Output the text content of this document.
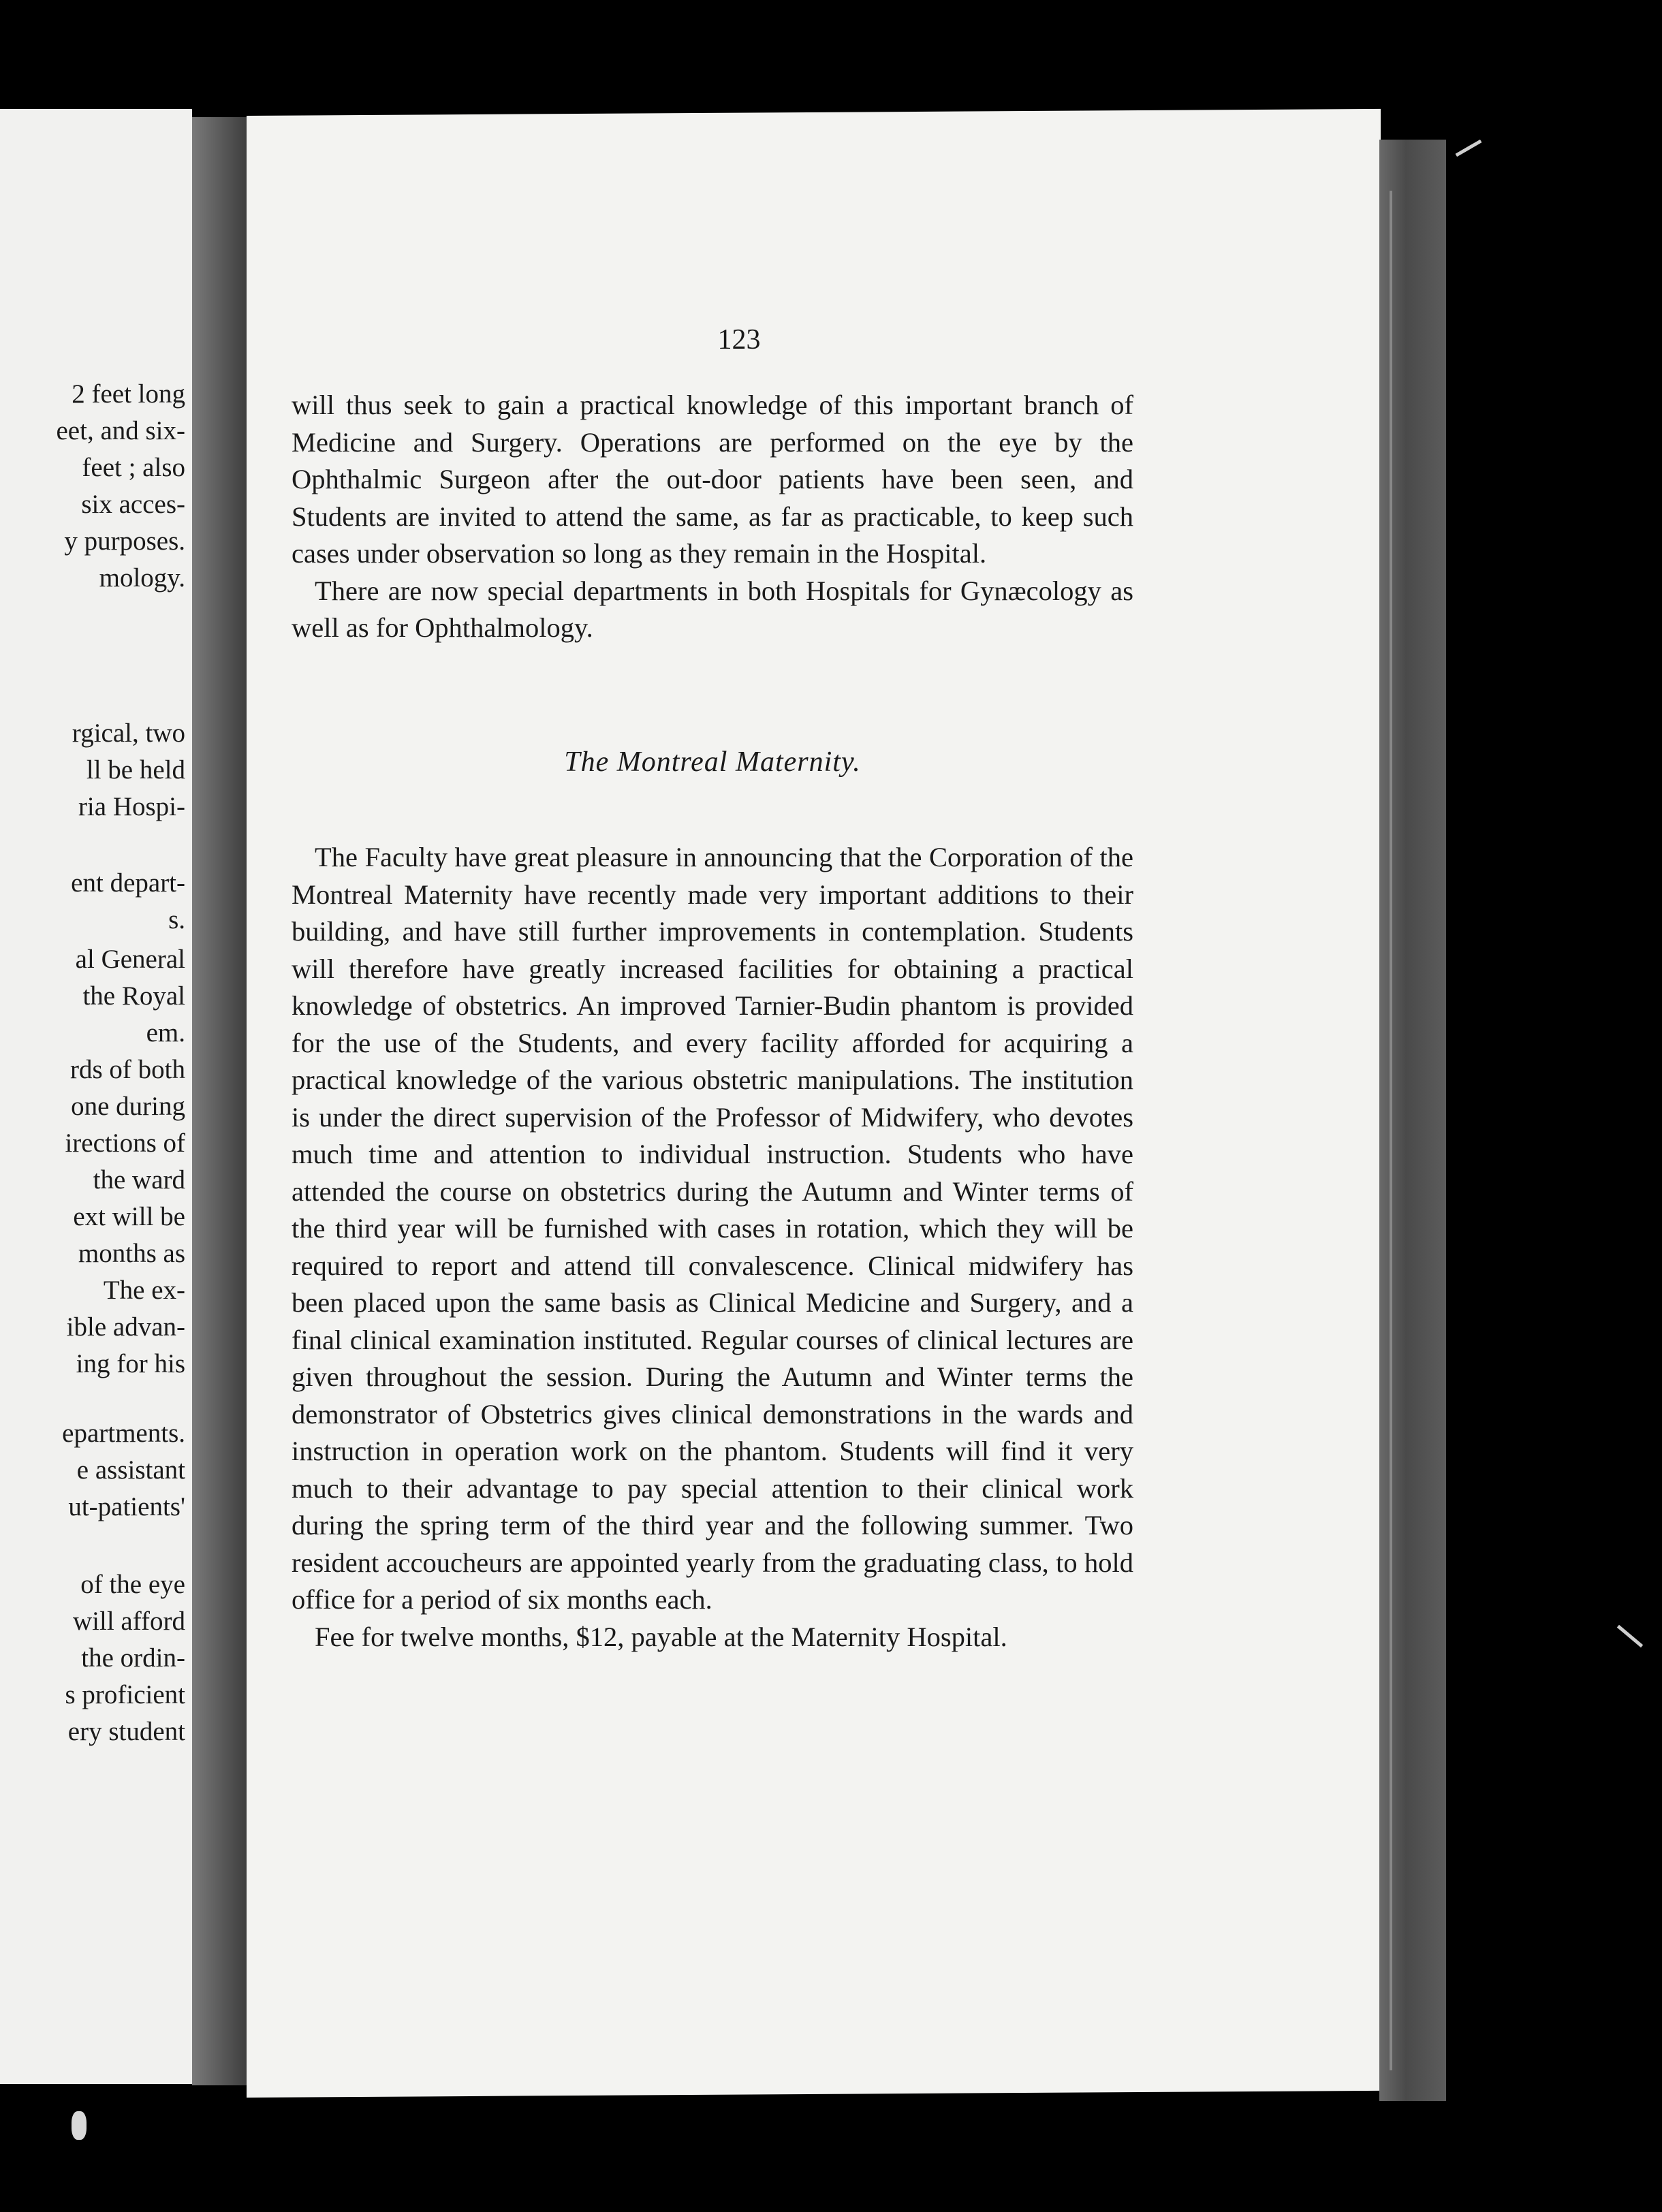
2 feet long
eet, and six-
feet ; also
six acces-
y purposes.
mology.
rgical, two
ll be held
ria Hospi-
ent depart-
s.
al General
the Royal
em.
rds of both
one during
irections of
the ward
ext will be
months as
The ex-
ible advan-
ing for his
epartments.
e assistant
ut-patients'
of the eye
will afford
the ordin-
s proficient
ery student
123

will thus seek to gain a practical knowledge of this important branch of Medicine and Surgery. Operations are performed on the eye by the Ophthalmic Surgeon after the out-door patients have been seen, and Students are invited to attend the same, as far as practicable, to keep such cases under observation so long as they remain in the Hospital.

There are now special departments in both Hospitals for Gynæcology as well as for Ophthalmology.

The Montreal Maternity.

The Faculty have great pleasure in announcing that the Corporation of the Montreal Maternity have recently made very important additions to their building, and have still further improvements in contemplation. Students will therefore have greatly increased facilities for obtaining a practical knowledge of obstetrics. An improved Tarnier-Budin phantom is provided for the use of the Students, and every facility afforded for acquiring a practical knowledge of the various obstetric manipulations. The institution is under the direct supervision of the Professor of Midwifery, who devotes much time and attention to individual instruction. Students who have attended the course on obstetrics during the Autumn and Winter terms of the third year will be furnished with cases in rotation, which they will be required to report and attend till convalescence. Clinical midwifery has been placed upon the same basis as Clinical Medicine and Surgery, and a final clinical examination instituted. Regular courses of clinical lectures are given throughout the session. During the Autumn and Winter terms the demonstrator of Obstetrics gives clinical demonstrations in the wards and instruction in operation work on the phantom. Students will find it very much to their advantage to pay special attention to their clinical work during the spring term of the third year and the following summer. Two resident accoucheurs are appointed yearly from the graduating class, to hold office for a period of six months each.

Fee for twelve months, $12, payable at the Maternity Hospital.
